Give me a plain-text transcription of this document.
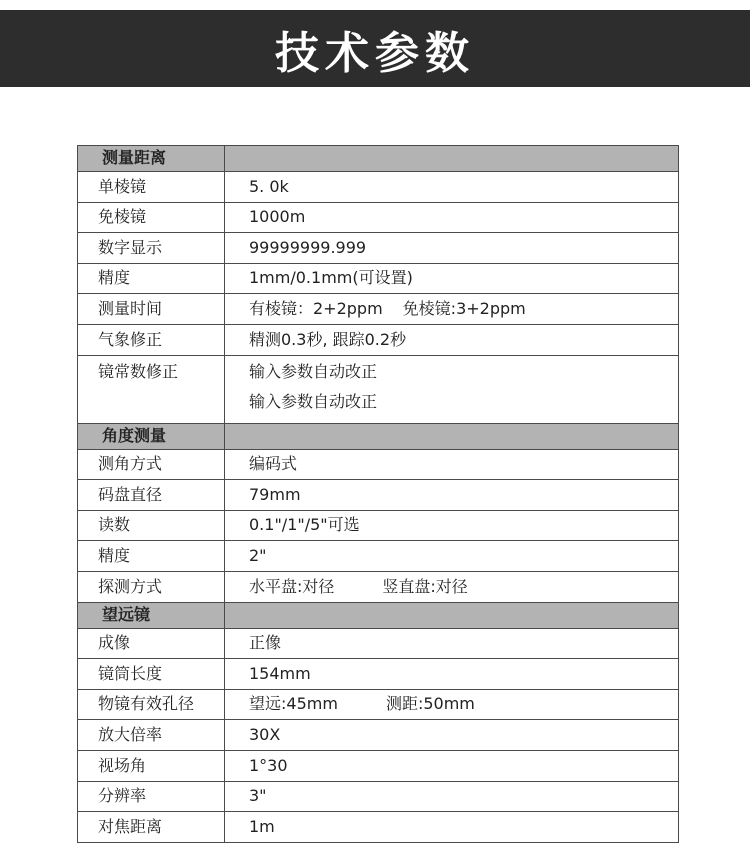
技术参数
测量距离	
单棱镜	5. 0k
免棱镜	1000m
数字显示	99999999.999
精度	1mm/0.1mm(可设置)
测量时间	有棱镜：2+2ppm 免棱镜:3+2ppm
气象修正	精测0.3秒, 跟踪0.2秒
镜常数修正	输入参数自动改正
输入参数自动改正

角度测量	
测角方式	编码式
码盘直径	79mm
读数	0.1"/1"/5"可选
精度	2"
探测方式	水平盘:对径 竖直盘:对径
望远镜	
成像	正像
镜筒长度	154mm
物镜有效孔径	望远:45mm 测距:50mm
放大倍率	30X
视场角	1°30
分辨率	3"
对焦距离	1m
